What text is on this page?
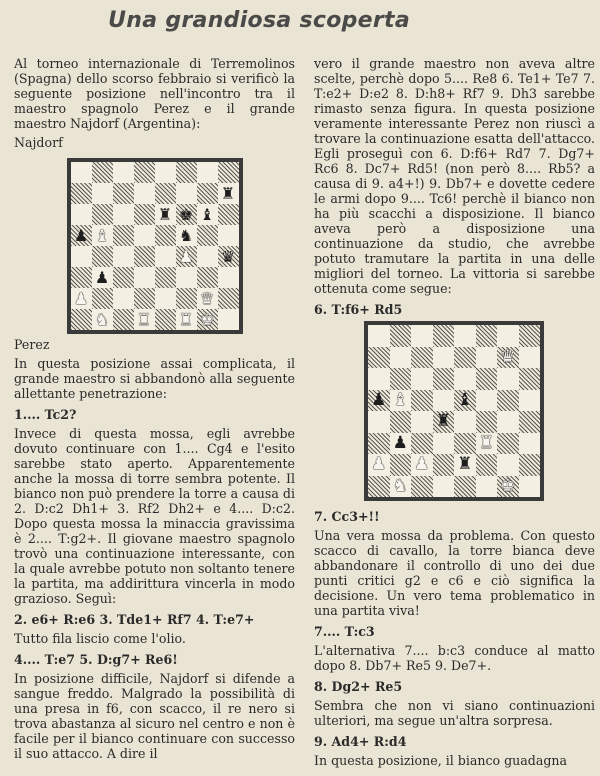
Una grandiosa scoperta

Al torneo internazionale di Terremolinos (Spagna) dello scorso febbraio si verificò la seguente posizione nell'incontro tra il maestro spagnolo Perez e il grande maestro Najdorf (Argentina):

Najdorf

♜
♜ ♚ ♝
♟ ♝	♞
♟ ♛
♟
♟	♛
♞ ♜ ♜ ♚

Perez

In questa posizione assai complicata, il grande maestro si abbandonò alla seguente allettante penetrazione:

1.... Tc2?

Invece di questa mossa, egli avrebbe dovuto continuare con 1.... Cg4 e l'esito sarebbe stato aperto. Apparentemente anche la mossa di torre sembra potente. Il bianco non può prendere la torre a causa di 2. D:c2 Dh1+ 3. Rf2 Dh2+ e 4.... D:c2. Dopo questa mossa la minaccia gravissima è 2.... T:g2+. Il giovane maestro spagnolo trovò una continuazione interessante, con la quale avrebbe potuto non soltanto tenere la partita, ma addirittura vincerla in modo grazioso. Seguì:

2. e6+ R:e6 3. Tde1+ Rf7 4. T:e7+

Tutto fila liscio come l'olio.

4.... T:e7 5. D:g7+ Re6!

In posizione difficile, Najdorf si difende a sangue freddo. Malgrado la possibilità di una presa in f6, con scacco, il re nero si trova abastanza al sicuro nel centro e non è facile per il bianco continuare con successo il suo attacco. A dire il

vero il grande maestro non aveva altre scelte, perchè dopo 5.... Re8 6. Te1+ Te7 7. T:e2+ D:e2 8. D:h8+ Rf7 9. Dh3 sarebbe rimasto senza figura. In questa posizione veramente interessante Perez non riuscì a trovare la continuazione esatta dell'attacco. Egli proseguì con 6. D:f6+ Rd7 7. Dg7+ Rc6 8. Dc7+ Rd5! (non però 8.... Rb5? a causa di 9. a4+!) 9. Db7+ e dovette cedere le armi dopo 9.... Tc6! perchè il bianco non ha più scacchi a disposizione. Il bianco aveva però a disposizione una continuazione da studio, che avrebbe potuto tramutare la partita in una delle migliori del torneo. La vittoria si sarebbe ottenuta come segue:

6. T:f6+ Rd5

♛
♟ ♝	♝
♜
♟	♜
♟ ♟ ♜
♞	♚

7. Cc3+!!

Una vera mossa da problema. Con questo scacco di cavallo, la torre bianca deve abbandonare il controllo di uno dei due punti critici g2 e c6 e ciò significa la decisione. Un vero tema problematico in una partita viva!

7.... T:c3

L'alternativa 7.... b:c3 conduce al matto dopo 8. Db7+ Re5 9. De7+.

8. Dg2+ Re5

Sembra che non vi siano continuazioni ulteriori, ma segue un'altra sorpresa.

9. Ad4+ R:d4

In questa posizione, il bianco guadagna
